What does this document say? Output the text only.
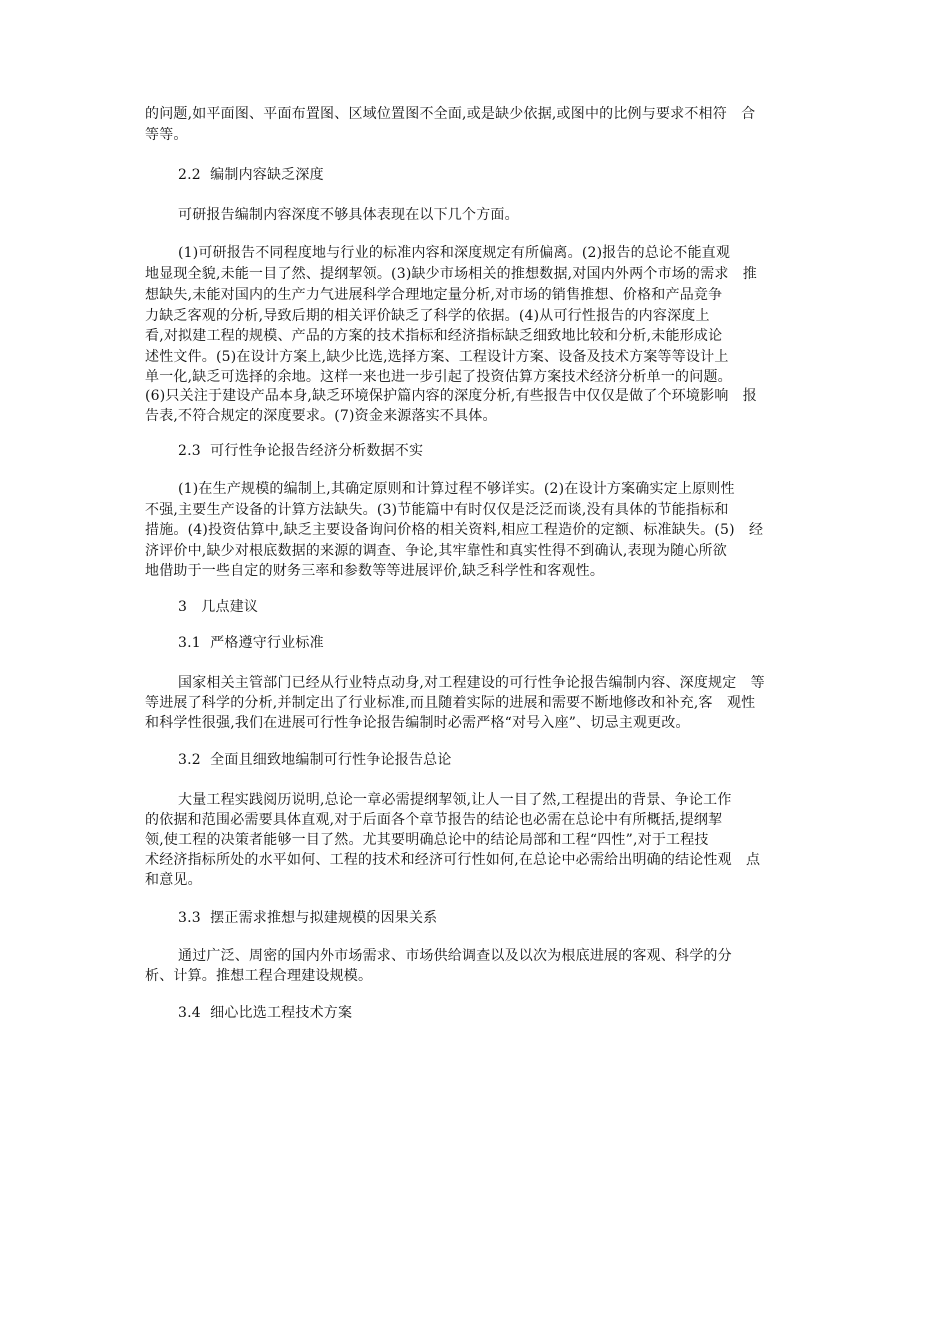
的问题,如平面图、平面布置图、区域位置图不全面,或是缺少依据,或图中的比例与要求不相符　合
等等。
2.2  编制内容缺乏深度
可研报告编制内容深度不够具体表现在以下几个方面。
(1)可研报告不同程度地与行业的标准内容和深度规定有所偏离。(2)报告的总论不能直观
地显现全貌,未能一目了然、提纲挈领。(3)缺少市场相关的推想数据,对国内外两个市场的需求　推
想缺失,未能对国内的生产力气进展科学合理地定量分析,对市场的销售推想、价格和产品竞争
力缺乏客观的分析,导致后期的相关评价缺乏了科学的依据。(4)从可行性报告的内容深度上
看,对拟建工程的规模、产品的方案的技术指标和经济指标缺乏细致地比较和分析,未能形成论
述性文件。(5)在设计方案上,缺少比选,选择方案、工程设计方案、设备及技术方案等等设计上
单一化,缺乏可选择的余地。这样一来也进一步引起了投资估算方案技术经济分析单一的问题。
(6)只关注于建设产品本身,缺乏环境保护篇内容的深度分析,有些报告中仅仅是做了个环境影响　报
告表,不符合规定的深度要求。(7)资金来源落实不具体。
2.3  可行性争论报告经济分析数据不实
(1)在生产规模的编制上,其确定原则和计算过程不够详实。(2)在设计方案确实定上原则性
不强,主要生产设备的计算方法缺失。(3)节能篇中有时仅仅是泛泛而谈,没有具体的节能指标和
措施。(4)投资估算中,缺乏主要设备询问价格的相关资料,相应工程造价的定额、标准缺失。(5)　经
济评价中,缺少对根底数据的来源的调查、争论,其牢靠性和真实性得不到确认,表现为随心所欲
地借助于一些自定的财务三率和参数等等进展评价,缺乏科学性和客观性。
3　几点建议
3.1  严格遵守行业标准
国家相关主管部门已经从行业特点动身,对工程建设的可行性争论报告编制内容、深度规定　等
等进展了科学的分析,并制定出了行业标准,而且随着实际的进展和需要不断地修改和补充,客　观性
和科学性很强,我们在进展可行性争论报告编制时必需严格“对号入座”、切忌主观更改。
3.2  全面且细致地编制可行性争论报告总论
大量工程实践阅历说明,总论一章必需提纲挈领,让人一目了然,工程提出的背景、争论工作
的依据和范围必需要具体直观,对于后面各个章节报告的结论也必需在总论中有所概括,提纲挈
领,使工程的决策者能够一目了然。尤其要明确总论中的结论局部和工程“四性”,对于工程技
术经济指标所处的水平如何、工程的技术和经济可行性如何,在总论中必需给出明确的结论性观　点
和意见。
3.3  摆正需求推想与拟建规模的因果关系
通过广泛、周密的国内外市场需求、市场供给调查以及以次为根底进展的客观、科学的分
析、计算。推想工程合理建设规模。
3.4  细心比选工程技术方案
